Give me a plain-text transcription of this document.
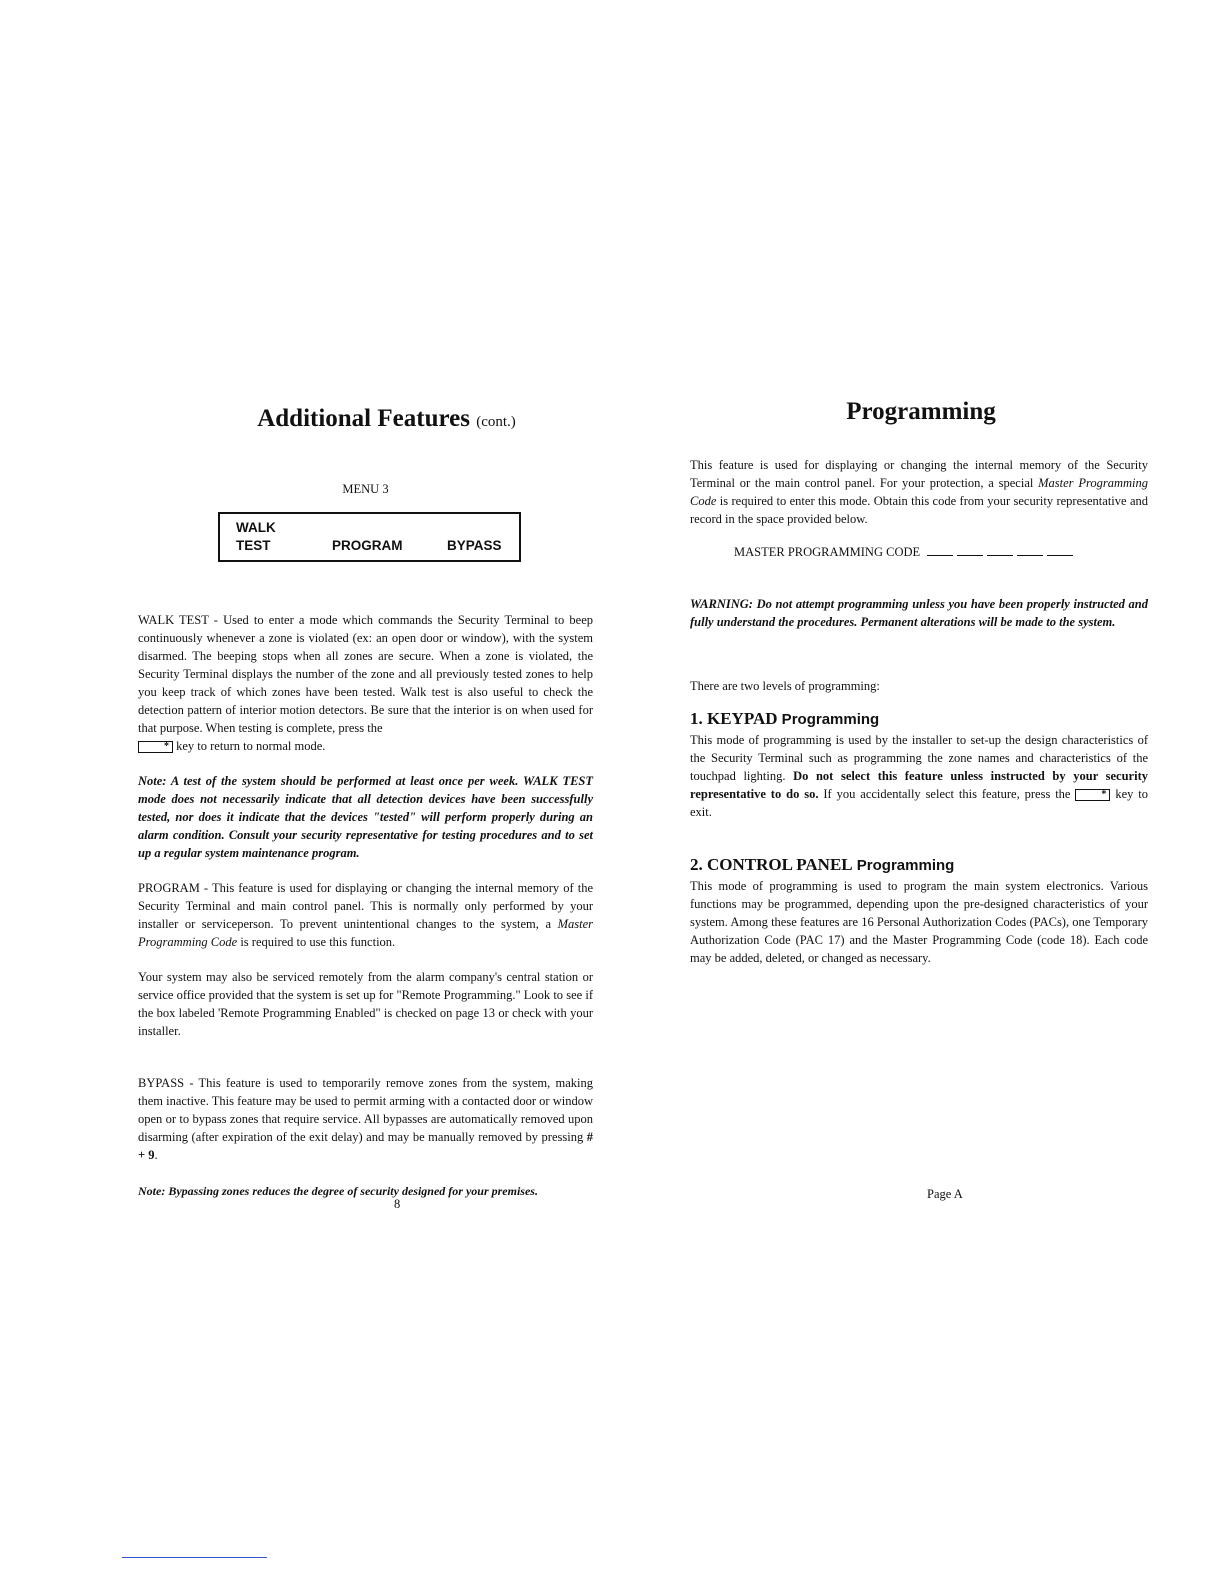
Additional Features (cont.)
MENU 3
WALK
TEST	PROGRAM	BYPASS

WALK TEST - Used to enter a mode which commands the Security Terminal to beep continuously whenever a zone is violated (ex: an open door or window), with the system disarmed. The beeping stops when all zones are secure. When a zone is violated, the Security Terminal displays the number of the zone and all previously tested zones to help you keep track of which zones have been tested. Walk test is also useful to check the detection pattern of interior motion detectors. Be sure that the interior is on when used for that purpose. When testing is complete, press the
* key to return to normal mode.

Note: A test of the system should be performed at least once per week. WALK TEST mode does not necessarily indicate that all detection devices have been successfully tested, nor does it indicate that the devices "tested" will perform properly during an alarm condition. Consult your security representative for testing procedures and to set up a regular system maintenance program.

PROGRAM - This feature is used for displaying or changing the internal memory of the Security Terminal and main control panel. This is normally only performed by your installer or serviceperson. To prevent unintentional changes to the system, a Master Programming Code is required to use this function.

Your system may also be serviced remotely from the alarm company's central station or service office provided that the system is set up for "Remote Programming." Look to see if the box labeled 'Remote Programming Enabled" is checked on page 13 or check with your installer.

BYPASS - This feature is used to temporarily remove zones from the system, making them inactive. This feature may be used to permit arming with a contacted door or window open or to bypass zones that require service. All bypasses are automatically removed upon disarming (after expiration of the exit delay) and may be manually removed by pressing # + 9.

Note: Bypassing zones reduces the degree of security designed for your premises.

8
Programming

This feature is used for displaying or changing the internal memory of the Security Terminal or the main control panel. For your protection, a special Master Programming Code is required to enter this mode. Obtain this code from your security representative and record in the space provided below.

MASTER PROGRAMMING CODE

WARNING: Do not attempt programming unless you have been properly instructed and fully understand the procedures. Permanent alterations will be made to the system.

There are two levels of programming:

1. KEYPAD Programming

This mode of programming is used by the installer to set-up the design characteristics of the Security Terminal such as programming the zone names and characteristics of the touchpad lighting. Do not select this feature unless instructed by your security representative to do so. If you accidentally select this feature, press the	* key to exit.

2. CONTROL PANEL Programming

This mode of programming is used to program the main system electronics. Various functions may be programmed, depending upon the pre-designed characteristics of your system. Among these features are 16 Personal Authorization Codes (PACs), one Temporary Authorization Code (PAC 17) and the Master Programming Code (code 18). Each code may be added, deleted, or changed as necessary.

Page A
